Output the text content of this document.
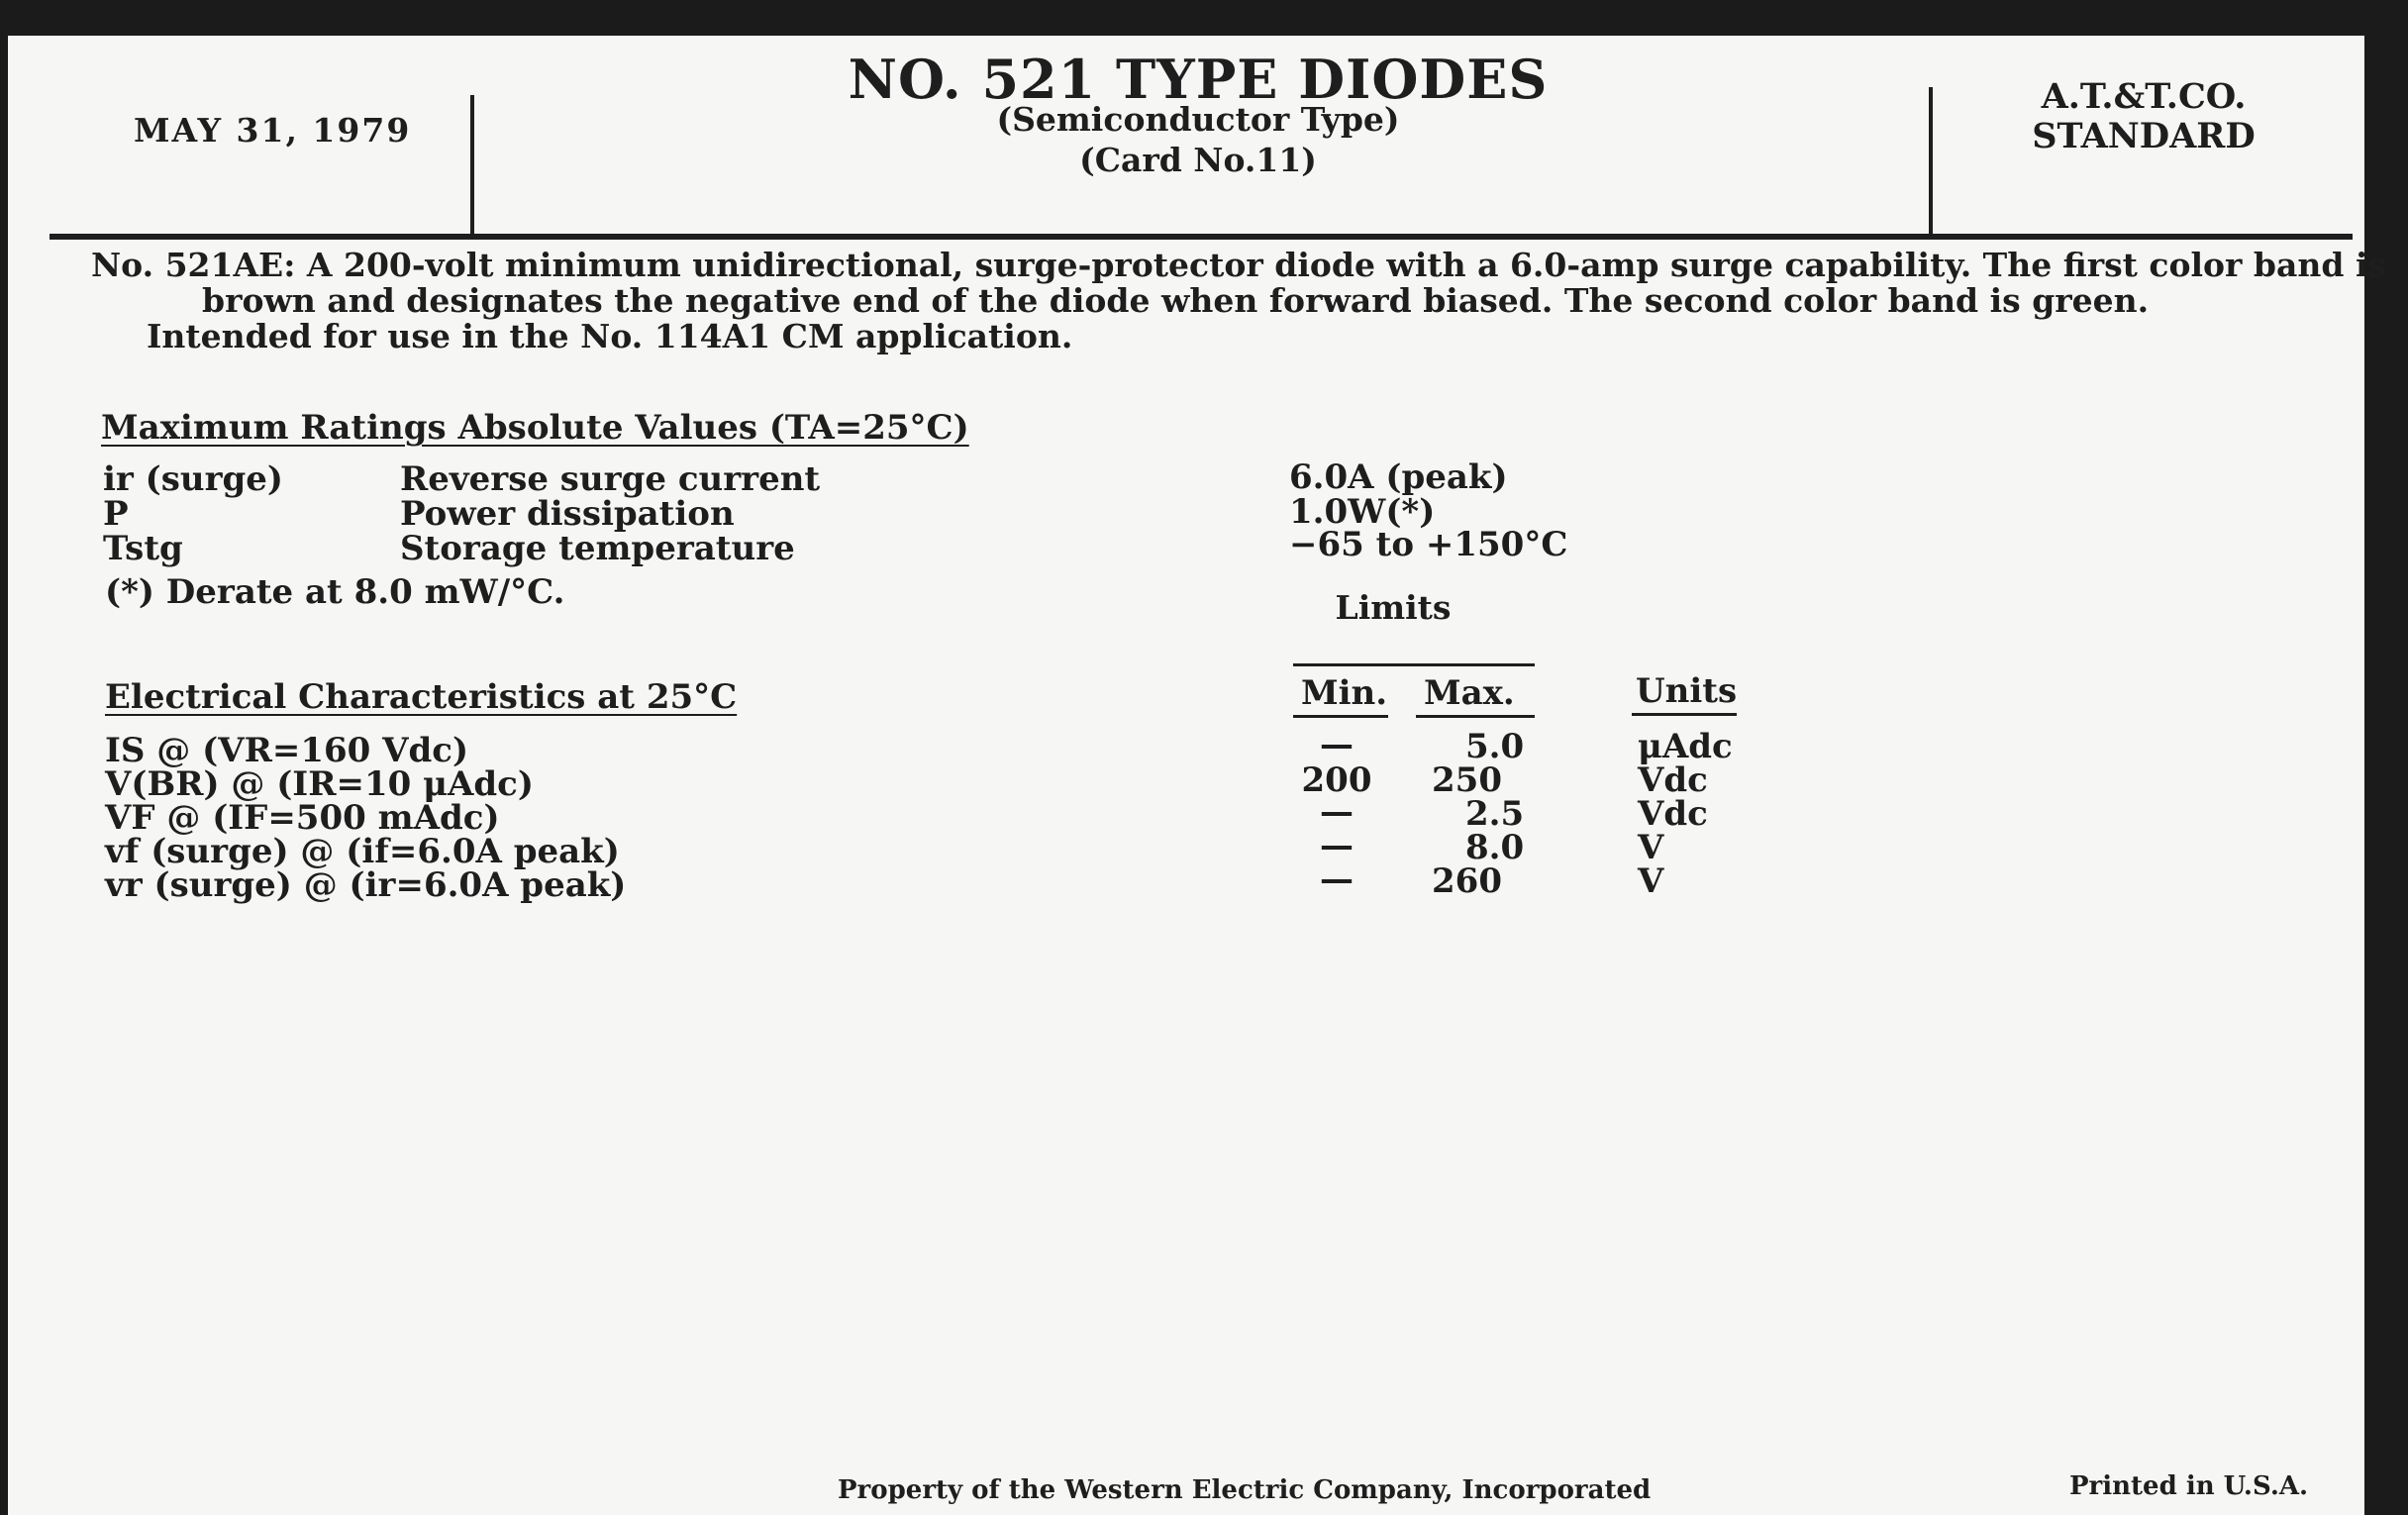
MAY 31, 1979
NO. 521 TYPE DIODES
(Semiconductor Type)
(Card No.11)
A.T.&T.CO.
STANDARD
No. 521AE: A 200-volt minimum unidirectional, surge-protector diode with a 6.0-amp surge capability. The first color band is
brown and designates the negative end of the diode when forward biased. The second color band is green.
Intended for use in the No. 114A1 CM application.
Maximum Ratings Absolute Values (TA=25°C)
ir (surge)	Reverse surge current	6.0A (peak)
P	Power dissipation	1.0W(*)
Tstg	Storage temperature	−65 to +150°C
(*) Derate at 8.0 mW/°C.	Limits
Electrical Characteristics at 25°C	Min. Max.	Units
IS @ (VR=160 Vdc)	—	5.0	μAdc
V(BR) @ (IR=10 μAdc)	200	250	Vdc
VF @ (IF=500 mAdc)	—	2.5	Vdc
vf (surge) @ (if=6.0A peak)	—	8.0	V
vr (surge) @ (ir=6.0A peak)	—	260	V
Property of the Western Electric Company, Incorporated	Printed in U.S.A.
